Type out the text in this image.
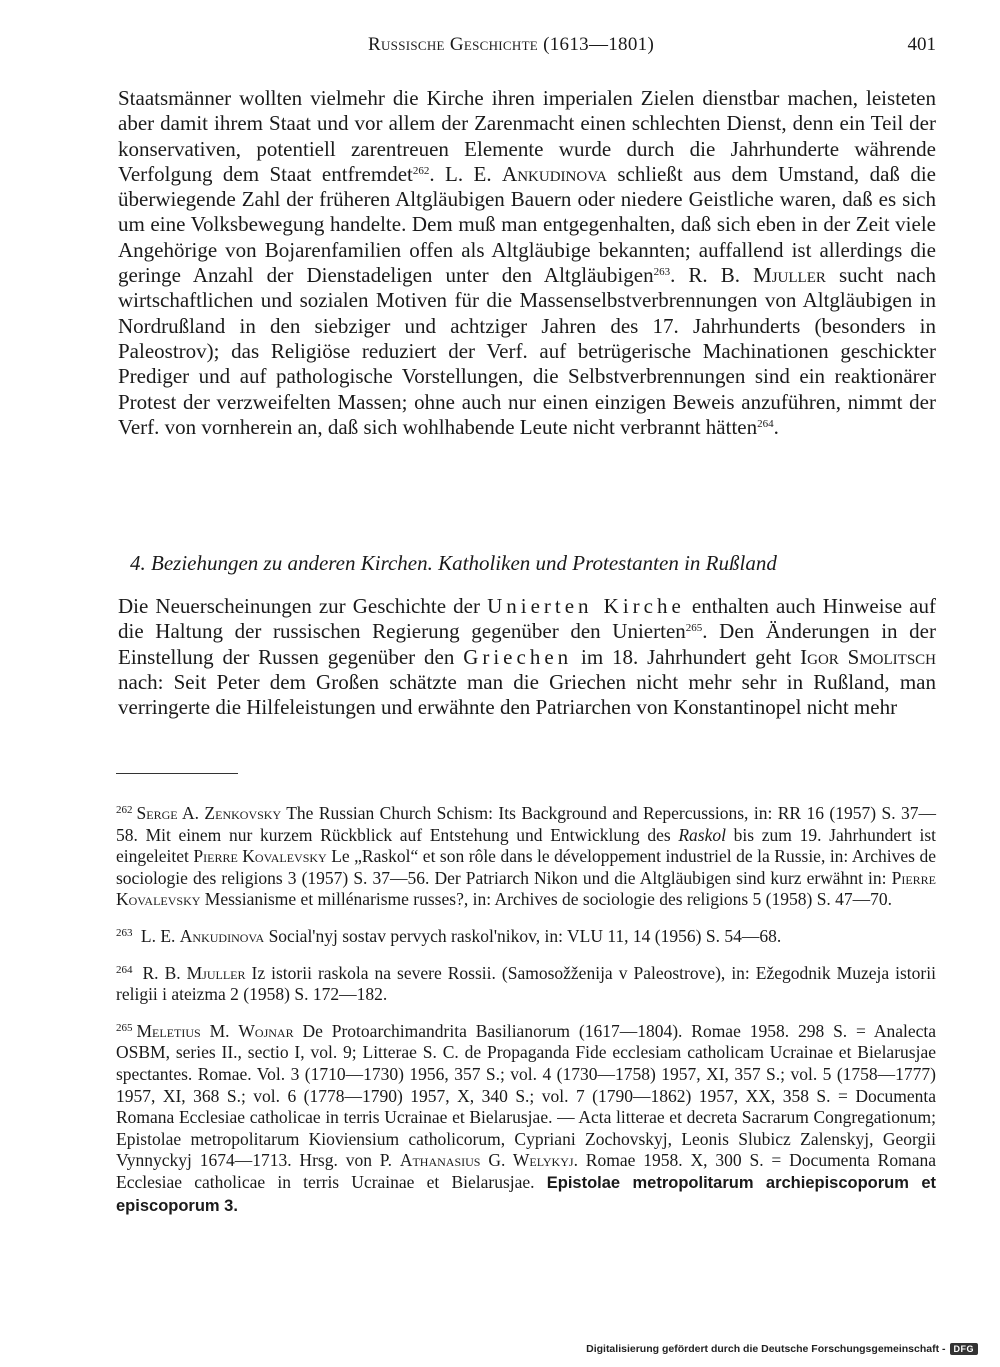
Russische Geschichte (1613—1801)	401

Staatsmänner wollten vielmehr die Kirche ihren imperialen Zielen dienstbar machen, leisteten aber damit ihrem Staat und vor allem der Zarenmacht einen schlechten Dienst, denn ein Teil der konservativen, potentiell zarentreuen Elemente wurde durch die Jahrhunderte währende Verfolgung dem Staat entfremdet$^{262}$. L. E. Ankudinova schließt aus dem Umstand, daß die überwiegende Zahl der früheren Altgläubigen Bauern oder niedere Geistliche waren, daß es sich um eine Volksbewegung handelte. Dem muß man entgegenhalten, daß sich eben in der Zeit viele Angehörige von Bojarenfamilien offen als Altgläubige bekannten; auffallend ist allerdings die geringe Anzahl der Dienstadeligen unter den Altgläubigen$^{263}$. R. B. Mjuller sucht nach wirtschaftlichen und sozialen Motiven für die Massenselbstverbrennungen von Altgläubigen in Nordrußland in den siebziger und achtziger Jahren des 17. Jahrhunderts (besonders in Paleostrov); das Religiöse reduziert der Verf. auf betrügerische Machinationen geschickter Prediger und auf pathologische Vorstellungen, die Selbstverbrennungen sind ein reaktionärer Protest der verzweifelten Massen; ohne auch nur einen einzigen Beweis anzuführen, nimmt der Verf. von vornherein an, daß sich wohlhabende Leute nicht verbrannt hätten$^{264}$.

4. Beziehungen zu anderen Kirchen. Katholiken und Protestanten in Rußland

Die Neuerscheinungen zur Geschichte der Unierten Kirche enthalten auch Hinweise auf die Haltung der russischen Regierung gegenüber den Unierten$^{265}$. Den Änderungen in der Einstellung der Russen gegenüber den Griechen im 18. Jahrhundert geht Igor Smolitsch nach: Seit Peter dem Großen schätzte man die Griechen nicht mehr sehr in Rußland, man verringerte die Hilfeleistungen und erwähnte den Patriarchen von Konstantinopel nicht mehr

$^{262}$ Serge A. Zenkovsky The Russian Church Schism: Its Background and Repercussions, in: RR 16 (1957) S. 37—58. Mit einem nur kurzem Rückblick auf Entstehung und Entwicklung des Raskol bis zum 19. Jahrhundert ist eingeleitet Pierre Kovalevsky Le „Raskol“ et son rôle dans le développement industriel de la Russie, in: Archives de sociologie des religions 3 (1957) S. 37—56. Der Patriarch Nikon und die Altgläubigen sind kurz erwähnt in: Pierre Kovalevsky Messianisme et millénarisme russes?, in: Archives de sociologie des religions 5 (1958) S. 47—70.

$^{263}$ L. E. Ankudinova Social'nyj sostav pervych raskol'nikov, in: VLU 11, 14 (1956) S. 54—68.

$^{264}$ R. B. Mjuller Iz istorii raskola na severe Rossii. (Samosožženija v Paleostrove), in: Ežegodnik Muzeja istorii religii i ateizma 2 (1958) S. 172—182.

$^{265}$ Meletius M. Wojnar De Protoarchimandrita Basilianorum (1617—1804). Romae 1958. 298 S. = Analecta OSBM, series II., sectio I, vol. 9; Litterae S. C. de Propaganda Fide ecclesiam catholicam Ucrainae et Bielarusjae spectantes. Romae. Vol. 3 (1710—1730) 1956, 357 S.; vol. 4 (1730—1758) 1957, XI, 357 S.; vol. 5 (1758—1777) 1957, XI, 368 S.; vol. 6 (1778—1790) 1957, X, 340 S.; vol. 7 (1790—1862) 1957, XX, 358 S. = Documenta Romana Ecclesiae catholicae in terris Ucrainae et Bielarusjae. — Acta litterae et decreta Sacrarum Congregationum; Epistolae metropolitarum Kioviensium catholicorum, Cypriani Zochovskyj, Leonis Slubicz Zalenskyj, Georgii Vynnyckyj 1674—1713. Hrsg. von P. Athanasius G. Welykyj. Romae 1958. X, 300 S. = Documenta Romana Ecclesiae catholicae in terris Ucrainae et Bielarusjae. Epistolae metropolitarum archiepiscoporum et episcoporum 3.

Digitalisierung gefördert durch die Deutsche Forschungsgemeinschaft - DFG
